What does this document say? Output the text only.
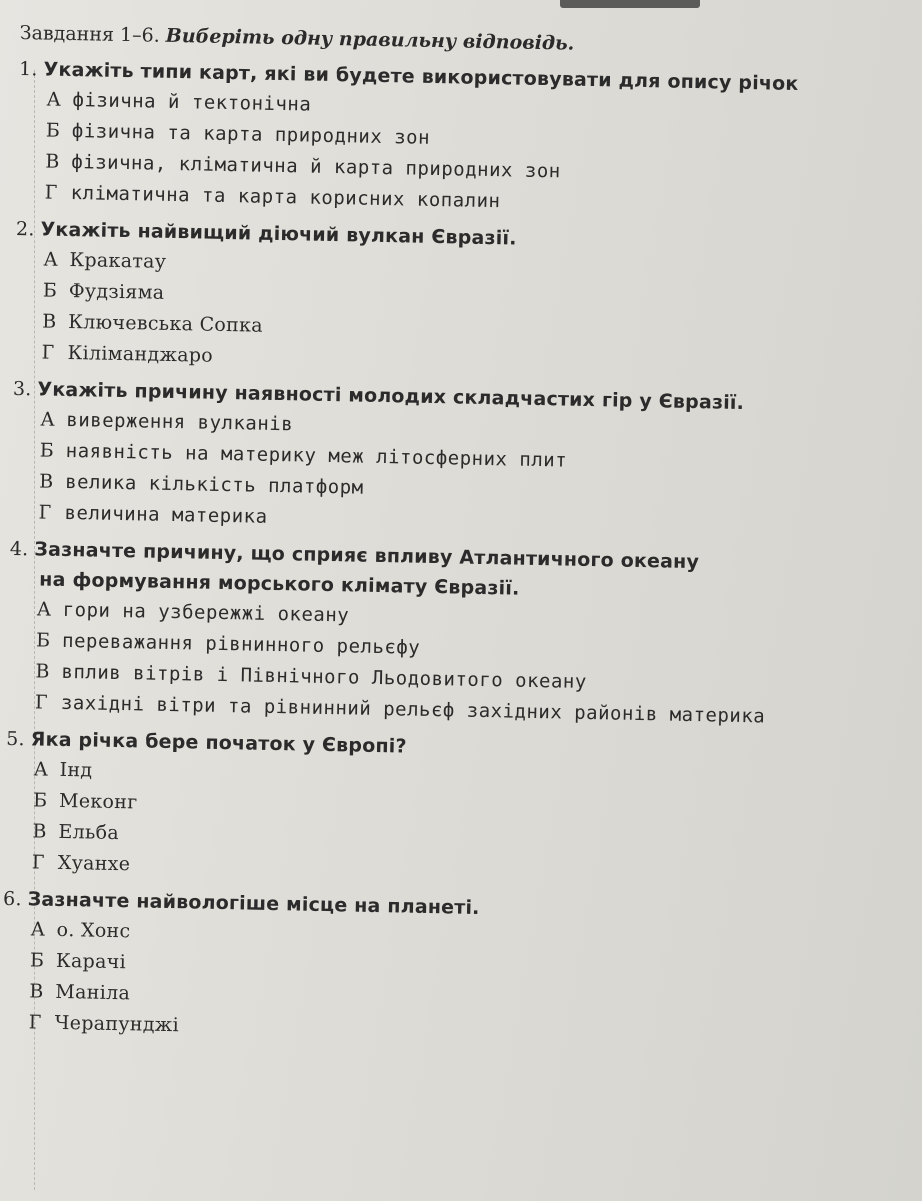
Завдання 1–6. Виберіть одну правильну відповідь.
1. Укажіть типи карт, які ви будете використовувати для опису річок
А фізична й тектонічна
Б фізична та карта природних зон
В фізична, кліматична й карта природних зон
Г кліматична та карта корисних копалин
2. Укажіть найвищий діючий вулкан Євразії.
А Кракатау
Б Фудзіяма
В Ключевська Сопка
Г Кіліманджаро
3. Укажіть причину наявності молодих складчастих гір у Євразії.
А виверження вулканів
Б наявність на материку меж літосферних плит
В велика кількість платформ
Г величина материка
4. Зазначте причину, що сприяє впливу Атлантичного океану
на формування морського клімату Євразії.
А гори на узбережжі океану
Б переважання рівнинного рельєфу
В вплив вітрів і Північного Льодовитого океану
Г західні вітри та рівнинний рельєф західних районів материка
5. Яка річка бере початок у Європі?
А Інд
Б Меконг
В Ельба
Г Хуанхе
6. Зазначте найвологіше місце на планеті.
А о. Хонс
Б Карачі
В Маніла
Г Черапунджі
